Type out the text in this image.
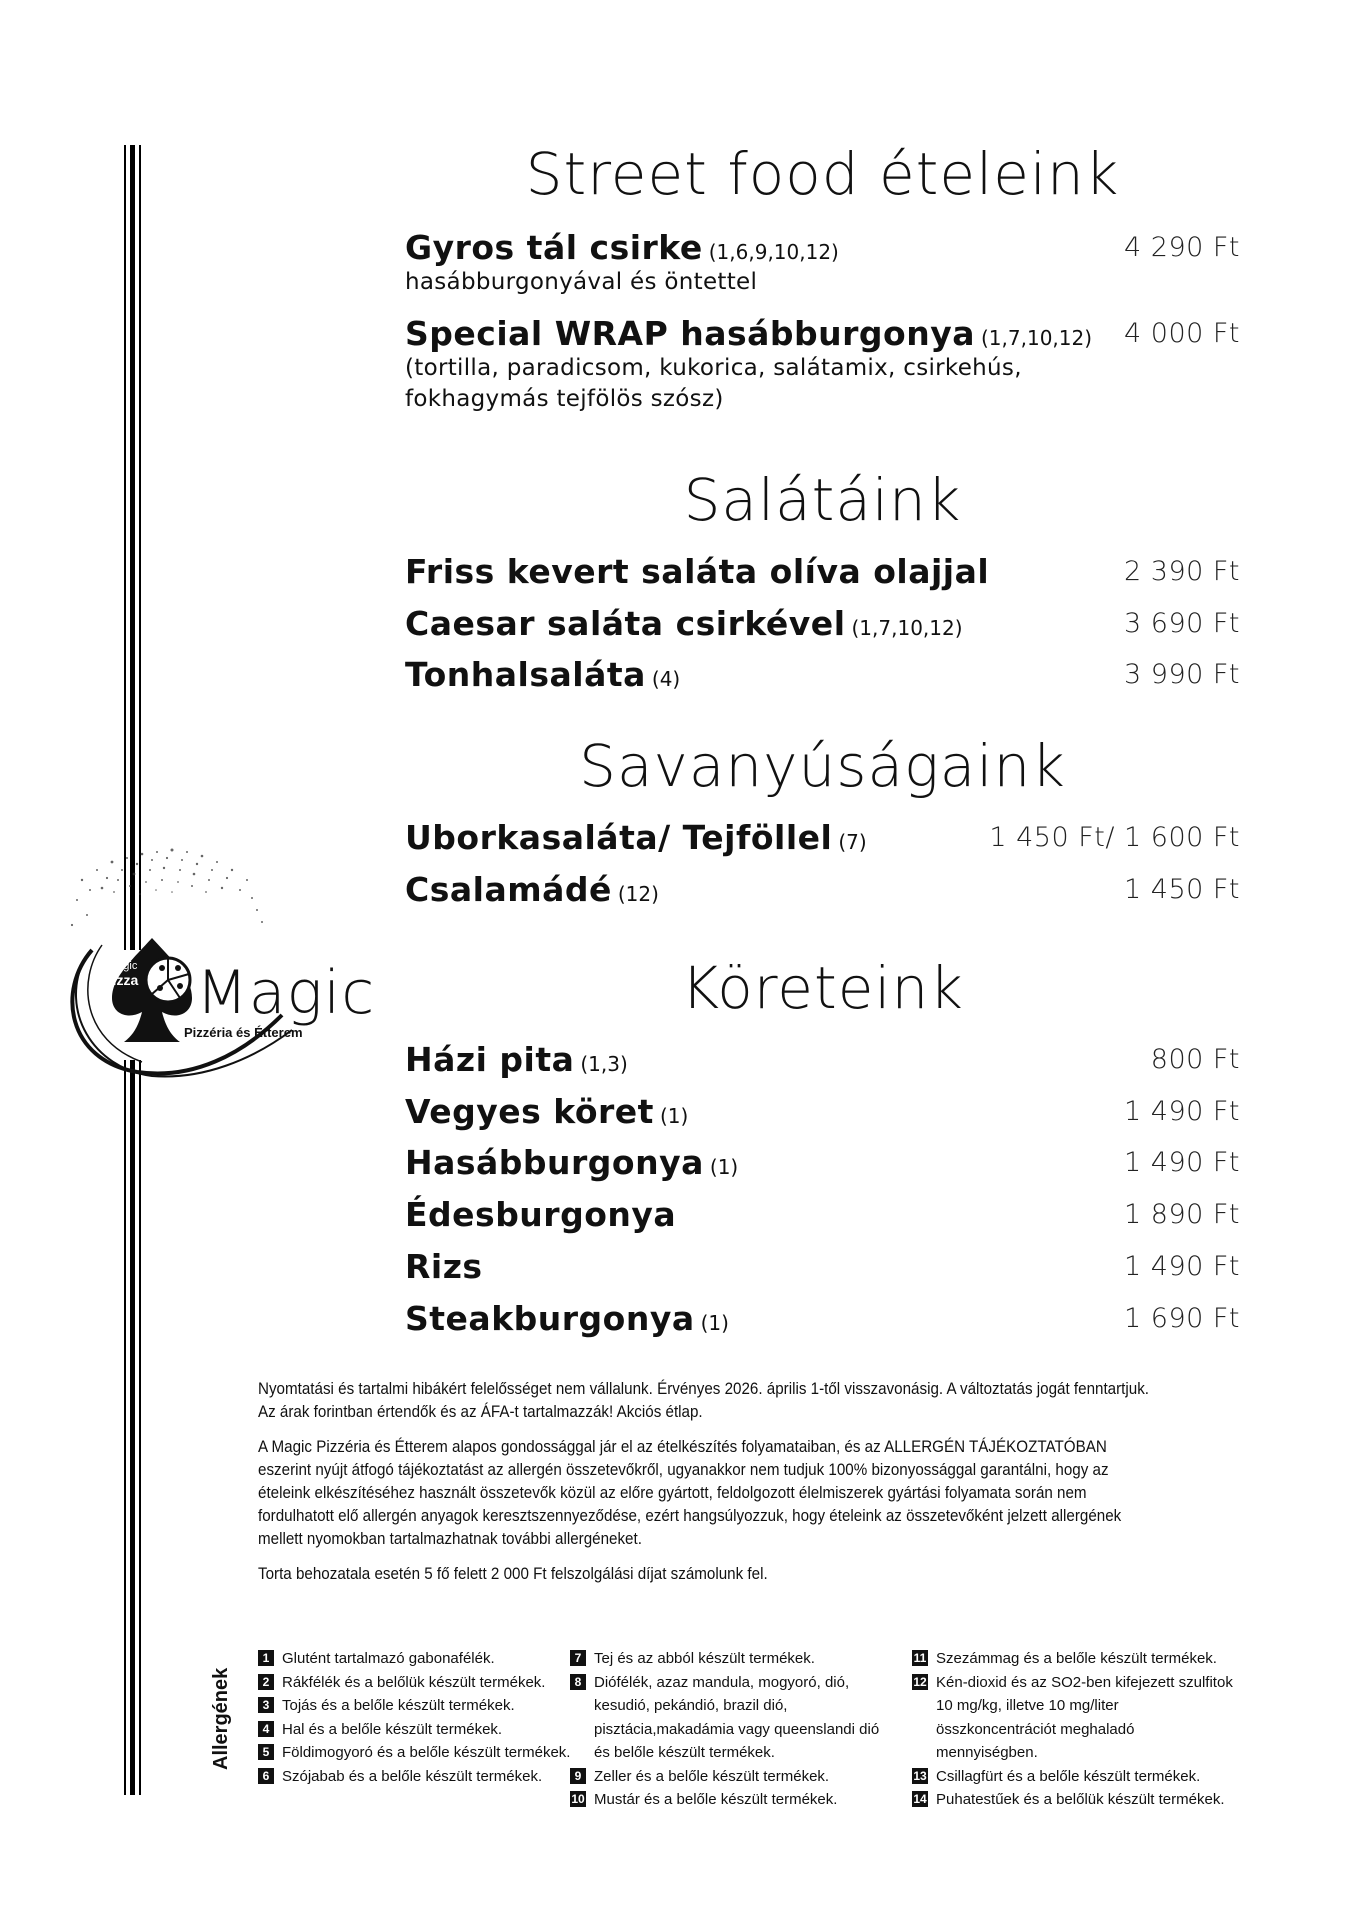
magic
pizza Magic
Pizzéria és Étterem
Street food ételeink
Gyros tál csirke (1,6,9,10,12)	4 290 Ft
hasábburgonyával és öntettel
Special WRAP hasábburgonya (1,7,10,12) 4 000 Ft
(tortilla, paradicsom, kukorica, salátamix, csirkehús,
fokhagymás tejfölös szósz)
Salátáink
Friss kevert saláta olíva olajjal	2 390 Ft
Caesar saláta csirkével (1,7,10,12)	3 690 Ft
Tonhalsaláta (4)	3 990 Ft
Savanyúságaink
Uborkasaláta/ Tejföllel (7)	1 450 Ft/ 1 600 Ft
Csalamádé (12)	1 450 Ft
Köreteink
Házi pita (1,3)	800 Ft
Vegyes köret (1)	1 490 Ft
Hasábburgonya (1)	1 490 Ft
Édesburgonya	1 890 Ft
Rizs	1 490 Ft
Steakburgonya (1)	1 690 Ft

Nyomtatási és tartalmi hibákért felelősséget nem vállalunk. Érvényes 2026. április 1-től visszavonásig. A változtatás jogát fenntartjuk. Az árak forintban értendők és az ÁFA-t tartalmazzák! Akciós étlap.

A Magic Pizzéria és Étterem alapos gondossággal jár el az ételkészítés folyamataiban, és az ALLERGÉN TÁJÉKOZTATÓBAN eszerint nyújt átfogó tájékoztatást az allergén összetevőkről, ugyanakkor nem tudjuk 100% bizonyossággal garantálni, hogy az ételeink elkészítéséhez használt összetevők közül az előre gyártott, feldolgozott élelmiszerek gyártási folyamata során nem fordulhatott elő allergén anyagok keresztszennyeződése, ezért hangsúlyozzuk, hogy ételeink az összetevőként jelzett allergének mellett nyomokban tartalmazhatnak további allergéneket.

Torta behozatala esetén 5 fő felett 2 000 Ft felszolgálási díjat számolunk fel.

Allergének
1 Glutént tartalmazó gabonafélék.
2 Rákfélék és a belőlük készült termékek.
3 Tojás és a belőle készült termékek.
4 Hal és a belőle készült termékek.
5 Földimogyoró és a belőle készült termékek.
6 Szójabab és a belőle készült termékek.
7 Tej és az abból készült termékek.
8 Diófélék, azaz mandula, mogyoró, dió, kesudió, pekándió, brazil dió, pisztácia,makadámia vagy queenslandi dió és belőle készült termékek.
9 Zeller és a belőle készült termékek.
10 Mustár és a belőle készült termékek.
11 Szezámmag és a belőle készült termékek.
12 Kén-dioxid és az SO2-ben kifejezett szulfitok 10 mg/kg, illetve 10 mg/liter összkoncentrációt meghaladó mennyiségben.
13 Csillagfürt és a belőle készült termékek.
14 Puhatestűek és a belőlük készült termékek.
